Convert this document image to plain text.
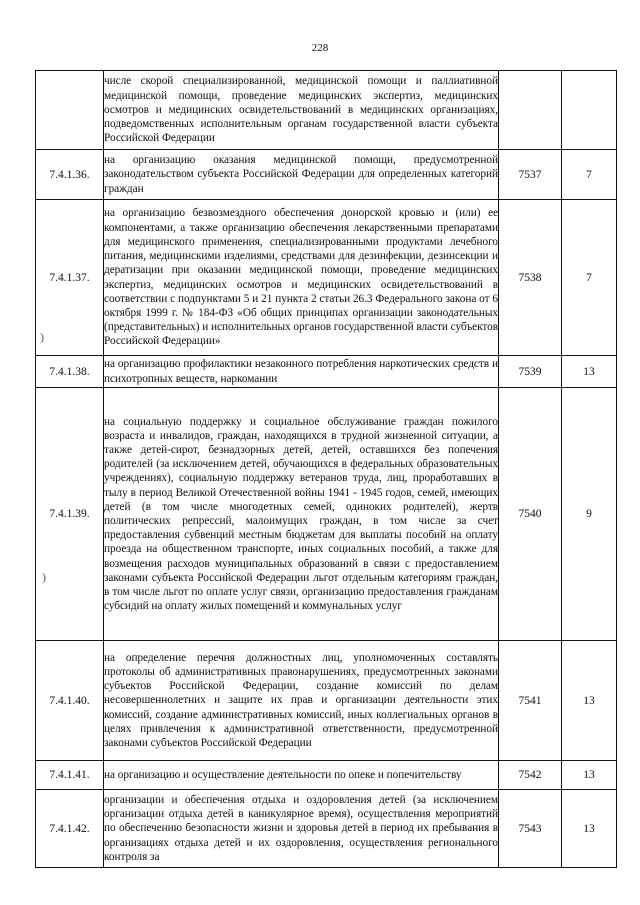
228
	числе скорой специализированной, медицинской помощи и паллиативной медицинской помощи, проведение медицинских экспертиз, медицинских осмотров и медицинских освидетельствований в медицинских организациях, подведомственных исполнительным органам государственной власти субъекта Российской Федерации		
7.4.1.36.	на организацию оказания медицинской помощи, предусмотренной законодательством субъекта Российской Федерации для определенных категорий граждан	7537	7
7.4.1.37.	на организацию безвозмездного обеспечения донорской кровью и (или) ее компонентами, а также организацию обеспечения лекарственными препаратами для медицинского применения, специализированными продуктами лечебного питания, медицинскими изделиями, средствами для дезинфекции, дезинсекции и дератизации при оказании медицинской помощи, проведение медицинских экспертиз, медицинских осмотров и медицинских освидетельствований в соответствии с подпунктами 5 и 21 пункта 2 статьи 26.3 Федерального закона от 6 октября 1999 г. № 184-ФЗ «Об общих принципах организации законодательных (представительных) и исполнительных органов государственной власти субъектов Российской Федерации»	7538	7
7.4.1.38.	на организацию профилактики незаконного потребления наркотических средств и психотропных веществ, наркомании	7539	13
7.4.1.39.	на социальную поддержку и социальное обслуживание граждан пожилого возраста и инвалидов, граждан, находящихся в трудной жизненной ситуации, а также детей-сирот, безнадзорных детей, детей, оставшихся без попечения родителей (за исключением детей, обучающихся в федеральных образовательных учреждениях), социальную поддержку ветеранов труда, лиц, проработавших в тылу в период Великой Отечественной войны 1941 - 1945 годов, семей, имеющих детей (в том числе многодетных семей, одиноких родителей), жертв политических репрессий, малоимущих граждан, в том числе за счет предоставления субвенций местным бюджетам для выплаты пособий на оплату проезда на общественном транспорте, иных социальных пособий, а также для возмещения расходов муниципальных образований в связи с предоставлением законами субъекта Российской Федерации льгот отдельным категориям граждан, в том числе льгот по оплате услуг связи, организацию предоставления гражданам субсидий на оплату жилых помещений и коммунальных услуг	7540	9
7.4.1.40.	на определение перечня должностных лиц, уполномоченных составлять протоколы об административных правонарушениях, предусмотренных законами субъектов Российской Федерации, создание комиссий по делам несовершеннолетних и защите их прав и организации деятельности этих комиссий, создание административных комиссий, иных коллегиальных органов в целях привлечения к административной ответственности, предусмотренной законами субъектов Российской Федерации	7541	13
7.4.1.41.	на организацию и осуществление деятельности по опеке и попечительству	7542	13
7.4.1.42.	организации и обеспечения отдыха и оздоровления детей (за исключением организации отдыха детей в каникулярное время), осуществления мероприятий по обеспечению безопасности жизни и здоровья детей в период их пребывания в организациях отдыха детей и их оздоровления, осуществления регионального контроля за	7543	13
)
)
